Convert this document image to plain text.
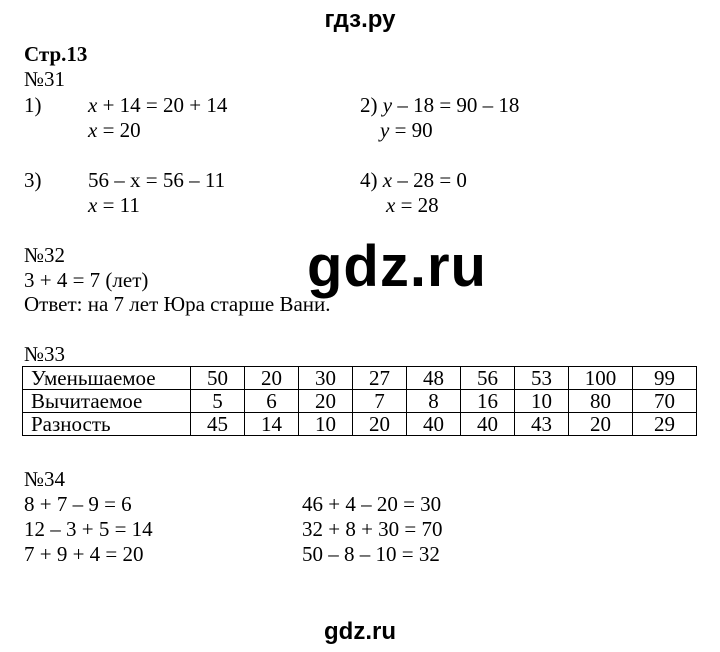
гдз.ру
Стр.13
№31
1) x + 14 = 20 + 14
x = 20
2) y – 18 = 90 – 18
y = 90
3) 56 – x = 56 – 11
x = 11
4) x – 28 = 0
x = 28
№32
3 + 4 = 7 (лет)
Ответ: на 7 лет Юра старше Вани.
gdz.ru
№33
Уменьшаемое	50	20	30	27	48	56	53	100	99
Вычитаемое	5	6	20	7	8	16	10	80	70
Разность	45	14	10	20	40	40	43	20	29
№34
8 + 7 – 9 = 6
12 – 3 + 5 = 14
7 + 9 + 4 = 20
46 + 4 – 20 = 30
32 + 8 + 30 = 70
50 – 8 – 10 = 32
gdz.ru
